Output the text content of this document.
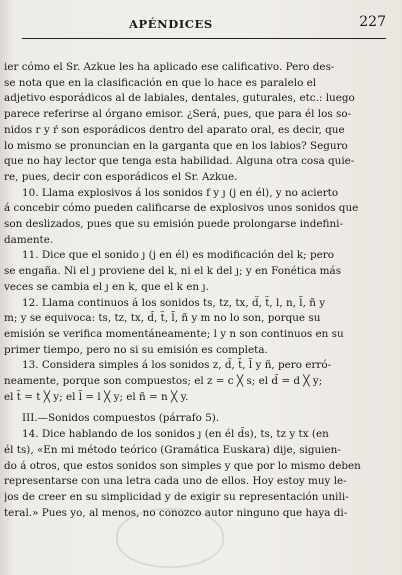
APÉNDICES	227
ier cómo el Sr. Azkue les ha aplicado ese calificativo. Pero des-
se nota que en la clasificación en que lo hace es paralelo el
adjetivo esporádicos al de labiales, dentales, guturales, etc.: luego
parece referirse al órgano emisor. ¿Será, pues, que para él los so-
nidos r y ŕ son esporádicos dentro del aparato oral, es decir, que
lo mismo se pronuncian en la garganta que en los labios? Seguro
que no hay lector que tenga esta habilidad. Alguna otra cosa quie-
re, pues, decir con esporádicos el Sr. Azkue.
10. Llama explosivos á los sonidos f y ȷ (j en él), y no acierto
á concebir cómo pueden calificarse de explosivos unos sonidos que
son deslizados, pues que su emisión puede prolongarse indefini-
damente.
11. Dice que el sonido ȷ (j en él) es modificación del k; pero
se engaña. Ni el ȷ proviene del k, ni el k del ȷ; y en Fonética más
veces se cambia el ȷ en k, que el k en ȷ.
12. Llama continuos á los sonidos ts, tz, tx, d̃, t̃, l, n, l̃, ñ y
m; y se equivoca: ts, tz, tx, d̃, t̃, l̃, ñ y m no lo son, porque su
emisión se verifica momentáneamente; l y n son continuos en su
primer tiempo, pero no si su emisión es completa.
13. Considera simples á los sonidos z, d̃, t̃, l̃ y ñ, pero erró-
neamente, porque son compuestos; el z = c ╳ s; el d̃ = d ╳ y;
el t̃ = t ╳ y; el l̃ = l ╳ y; el ñ = n ╳ y.
III.—Sonidos compuestos (párrafo 5).
14. Dice hablando de los sonidos ȷ (en él d̃s), ts, tz y tx (en
él ts), «En mi método teórico (Gramática Euskara) dije, siguien-
do á otros, que estos sonidos son simples y que por lo mismo deben
representarse con una letra cada uno de ellos. Hoy estoy muy le-
jos de creer en su simplicidad y de exigir su representación unili-
teral.» Pues yo, al menos, no conozco autor ninguno que haya di-
